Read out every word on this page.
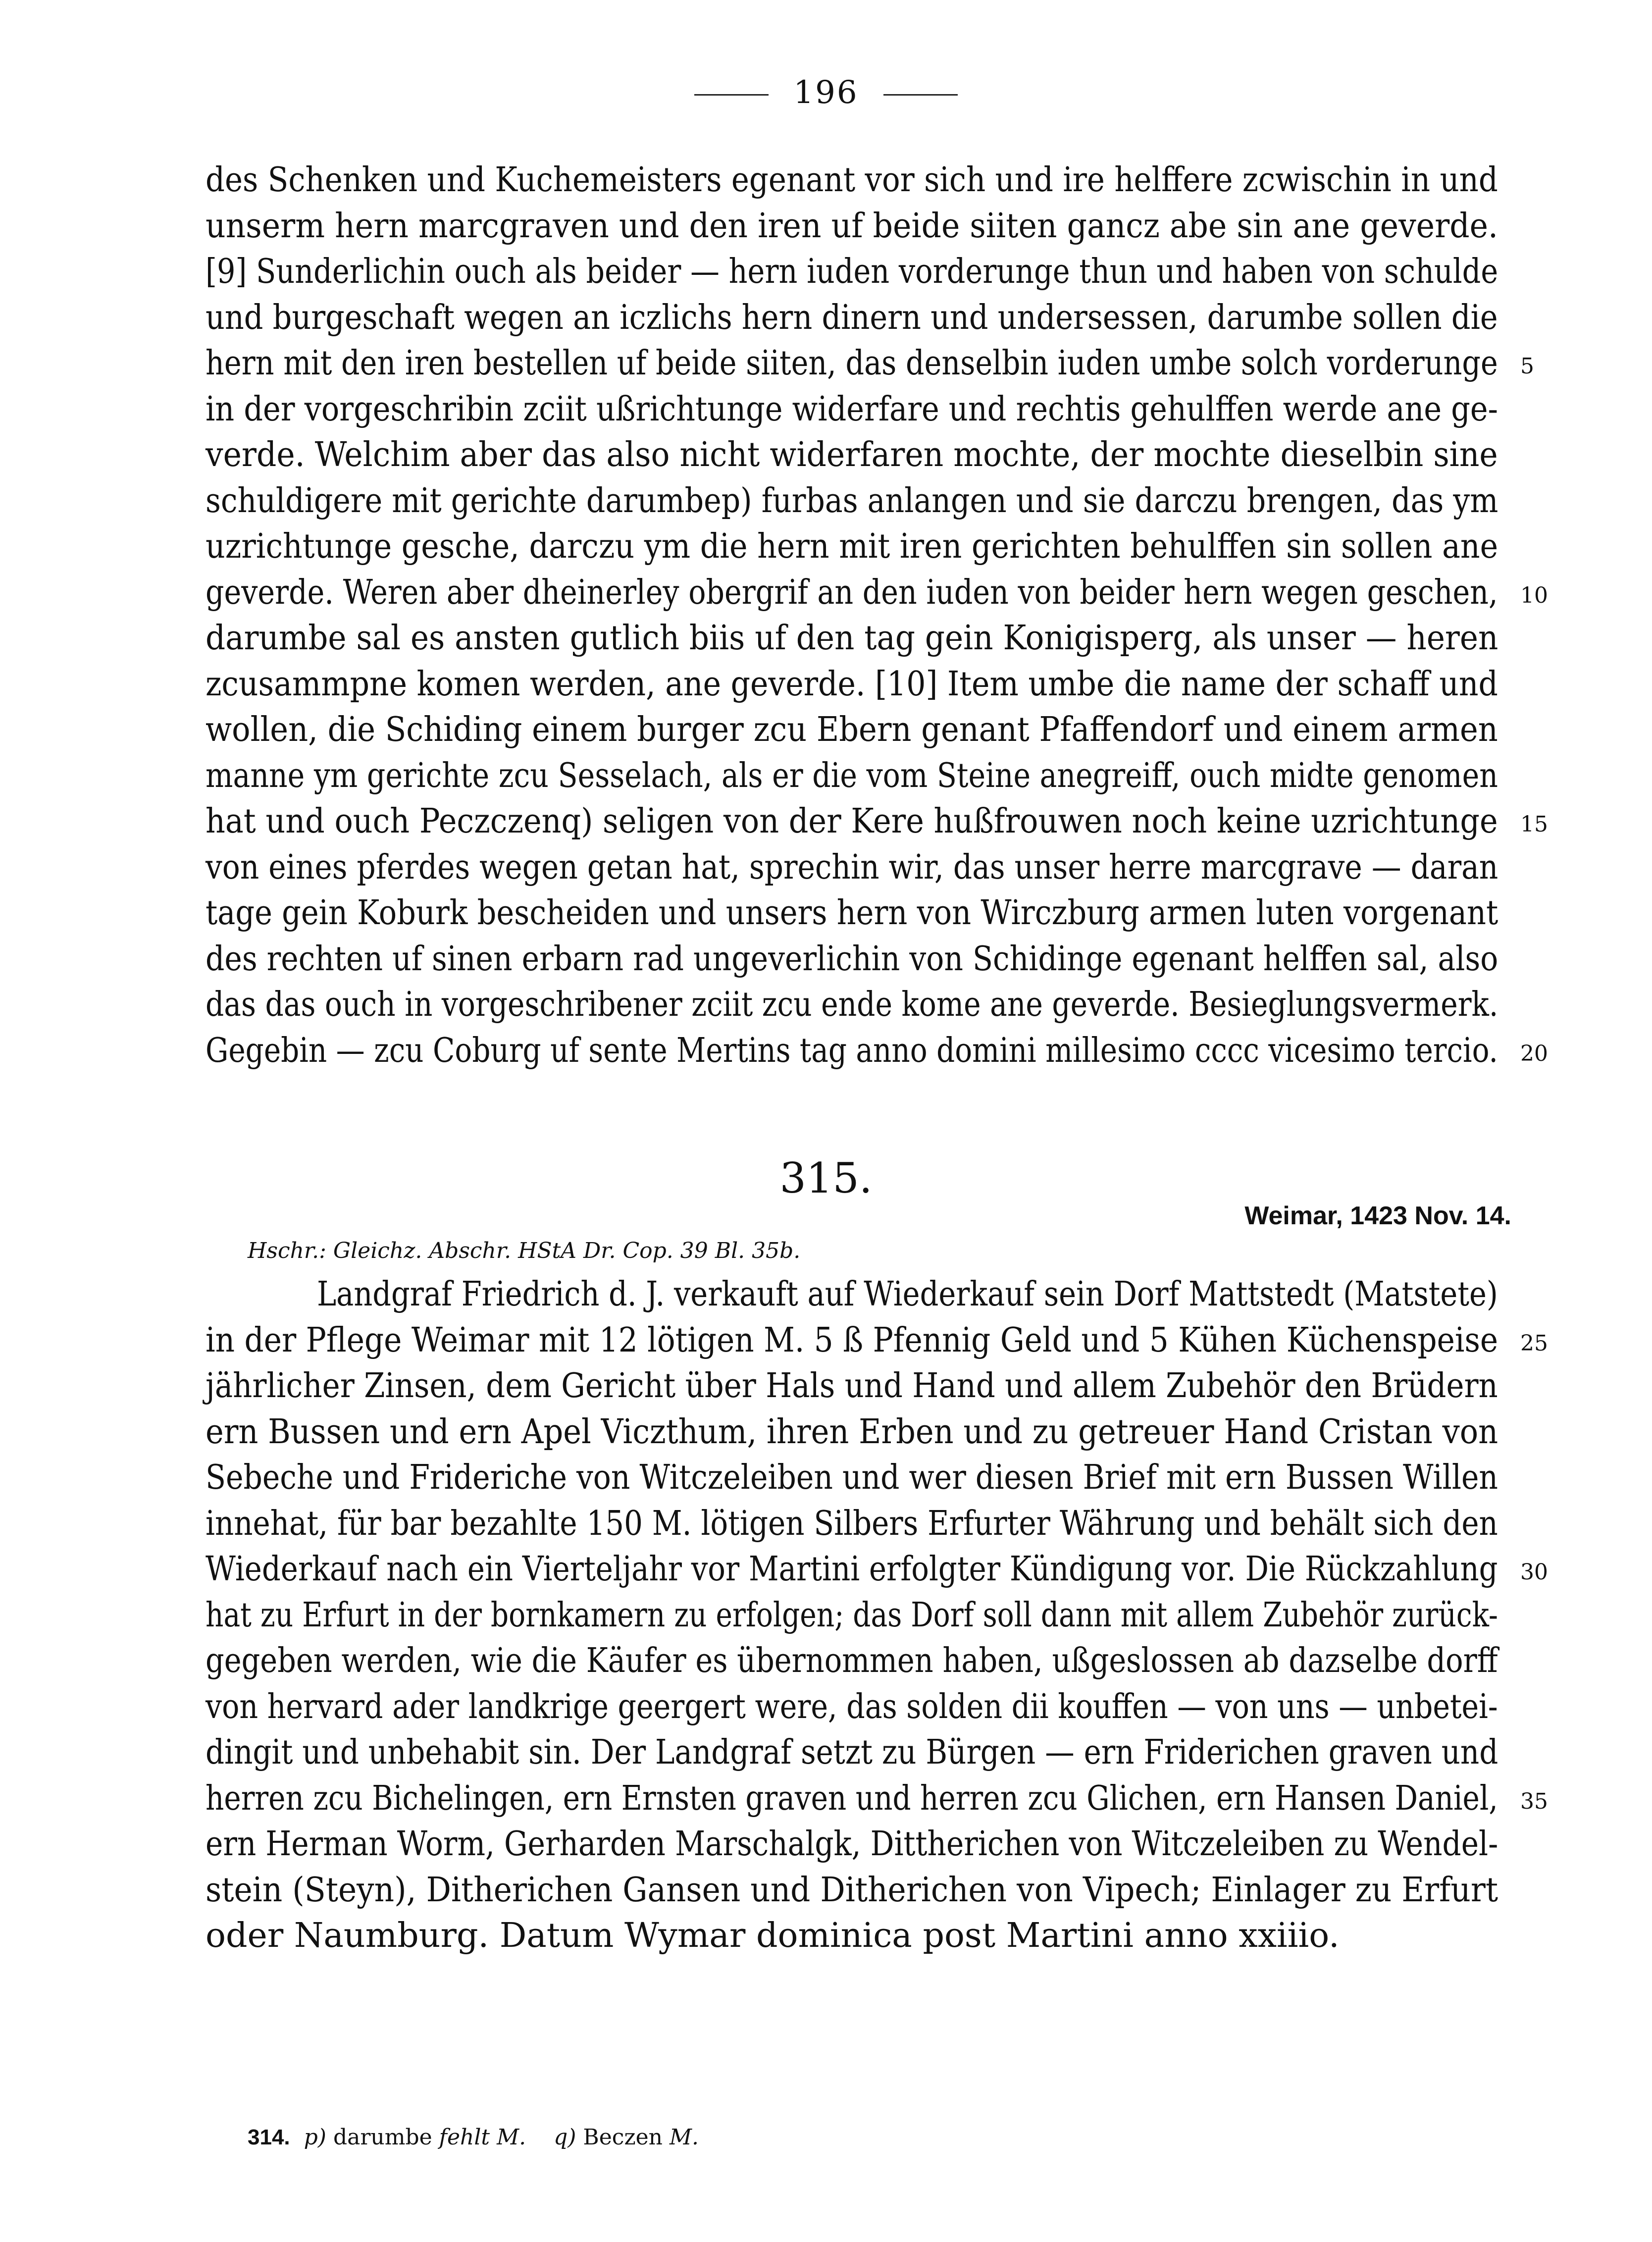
196
des Schenken und Kuchemeisters egenant vor sich und ire helffere zcwischin in und
unserm hern marcgraven und den iren uf beide siiten gancz abe sin ane geverde.
[9] Sunderlichin ouch als beider — hern iuden vorderunge thun und haben von schulde
und burgeschaft wegen an iczlichs hern dinern und undersessen, darumbe sollen die
hern mit den iren bestellen uf beide siiten, das denselbin iuden umbe solch vorderunge 5
in der vorgeschribin zciit ußrichtunge widerfare und rechtis gehulffen werde ane ge-
verde. Welchim aber das also nicht widerfaren mochte, der mochte dieselbin sine
schuldigere mit gerichte darumbep) furbas anlangen und sie darczu brengen, das ym
uzrichtunge gesche, darczu ym die hern mit iren gerichten behulffen sin sollen ane
geverde. Weren aber dheinerley obergrif an den iuden von beider hern wegen geschen, 10
darumbe sal es ansten gutlich biis uf den tag gein Konigisperg, als unser — heren
zcusammpne komen werden, ane geverde. [10] Item umbe die name der schaff und
wollen, die Schiding einem burger zcu Ebern genant Pfaffendorf und einem armen
manne ym gerichte zcu Sesselach, als er die vom Steine anegreiff, ouch midte genomen
hat und ouch Peczczenq) seligen von der Kere hußfrouwen noch keine uzrichtunge 15
von eines pferdes wegen getan hat, sprechin wir, das unser herre marcgrave — daran
tage gein Koburk bescheiden und unsers hern von Wirczburg armen luten vorgenant
des rechten uf sinen erbarn rad ungeverlichin von Schidinge egenant helffen sal, also
das das ouch in vorgeschribener zciit zcu ende kome ane geverde. Besieglungsvermerk.
Gegebin — zcu Coburg uf sente Mertins tag anno domini millesimo cccc vicesimo tercio. 20
315.
Weimar, 1423 Nov. 14.
Hschr.: Gleichz. Abschr. HStA Dr. Cop. 39 Bl. 35b.
Landgraf Friedrich d. J. verkauft auf Wiederkauf sein Dorf Mattstedt (Matstete)
in der Pflege Weimar mit 12 lötigen M. 5 ß Pfennig Geld und 5 Kühen Küchenspeise 25
jährlicher Zinsen, dem Gericht über Hals und Hand und allem Zubehör den Brüdern
ern Bussen und ern Apel Viczthum, ihren Erben und zu getreuer Hand Cristan von
Sebeche und Frideriche von Witczeleiben und wer diesen Brief mit ern Bussen Willen
innehat, für bar bezahlte 150 M. lötigen Silbers Erfurter Währung und behält sich den
Wiederkauf nach ein Vierteljahr vor Martini erfolgter Kündigung vor. Die Rückzahlung 30
hat zu Erfurt in der bornkamern zu erfolgen; das Dorf soll dann mit allem Zubehör zurück-
gegeben werden, wie die Käufer es übernommen haben, ußgeslossen ab dazselbe dorff
von hervard ader landkrige geergert were, das solden dii kouffen — von uns — unbetei-
dingit und unbehabit sin. Der Landgraf setzt zu Bürgen — ern Friderichen graven und
herren zcu Bichelingen, ern Ernsten graven und herren zcu Glichen, ern Hansen Daniel, 35
ern Herman Worm, Gerharden Marschalgk, Dittherichen von Witczeleiben zu Wendel-
stein (Steyn), Ditherichen Gansen und Ditherichen von Vipech; Einlager zu Erfurt
oder Naumburg. Datum Wymar dominica post Martini anno xxiiio.
314. p) darumbe fehlt M. q) Beczen M.
